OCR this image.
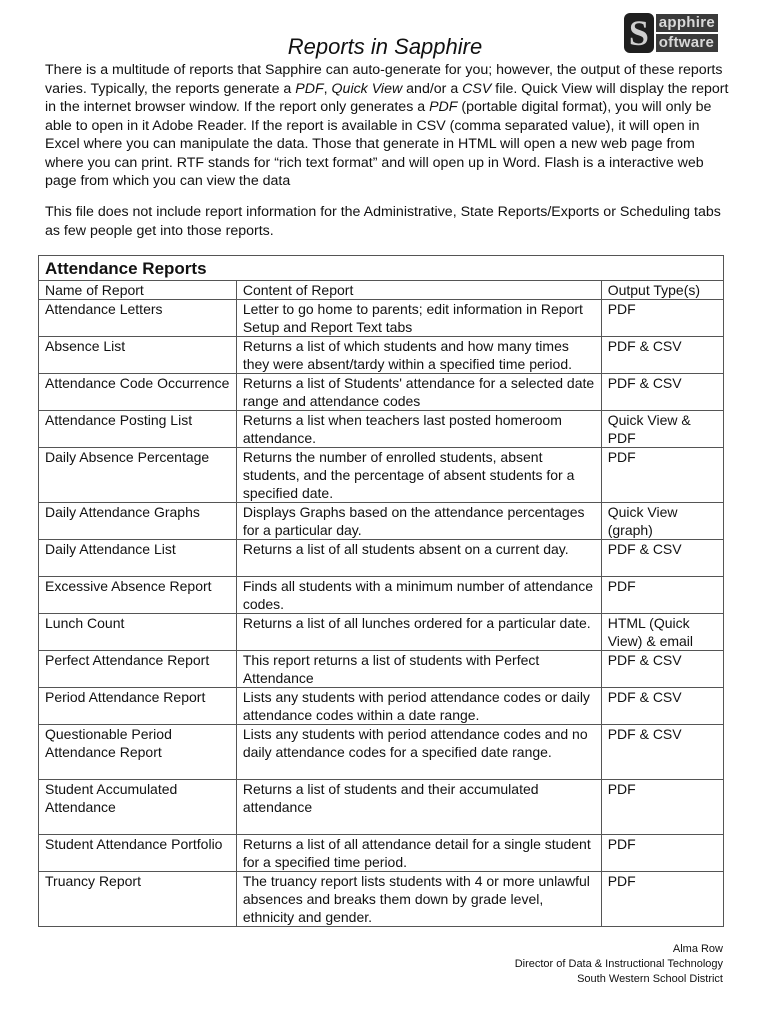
S apphire
oftware
Reports in Sapphire

There is a multitude of reports that Sapphire can auto-generate for you; however, the output of these reports varies. Typically, the reports generate a PDF, Quick View and/or a CSV file. Quick View will display the report in the internet browser window. If the report only generates a PDF (portable digital format), you will only be able to open in it Adobe Reader. If the report is available in CSV (comma separated value), it will open in Excel where you can manipulate the data. Those that generate in HTML will open a new web page from where you can print. RTF stands for “rich text format” and will open up in Word. Flash is a interactive web page from which you can view the data

This file does not include report information for the Administrative, State Reports/Exports or Scheduling tabs as few people get into those reports.

Attendance Reports		
Name of Report	Content of Report	Output Type(s)
Attendance Letters	Letter to go home to parents; edit information in Report Setup and Report Text tabs	PDF
Absence List	Returns a list of which students and how many times they were absent/tardy within a specified time period.	PDF & CSV
Attendance Code Occurrence	Returns a list of Students' attendance for a selected date range and attendance codes	PDF & CSV
Attendance Posting List	Returns a list when teachers last posted homeroom attendance.	Quick View & PDF
Daily Absence Percentage	Returns the number of enrolled students, absent students, and the percentage of absent students for a specified date.	PDF
Daily Attendance Graphs	Displays Graphs based on the attendance percentages for a particular day.	Quick View (graph)
Daily Attendance List	Returns a list of all students absent on a current day.	PDF & CSV
Excessive Absence Report	Finds all students with a minimum number of attendance codes.	PDF
Lunch Count	Returns a list of all lunches ordered for a particular date.	HTML (Quick View) & email
Perfect Attendance Report	This report returns a list of students with Perfect Attendance	PDF & CSV
Period Attendance Report	Lists any students with period attendance codes or daily attendance codes within a date range.	PDF & CSV
Questionable Period Attendance Report	Lists any students with period attendance codes and no daily attendance codes for a specified date range.	PDF & CSV
Student Accumulated Attendance	Returns a list of students and their accumulated attendance	PDF
Student Attendance Portfolio	Returns a list of all attendance detail for a single student for a specified time period.	PDF
Truancy Report	The truancy report lists students with 4 or more unlawful absences and breaks them down by grade level, ethnicity and gender.	PDF
Alma Row
Director of Data & Instructional Technology
South Western School District
